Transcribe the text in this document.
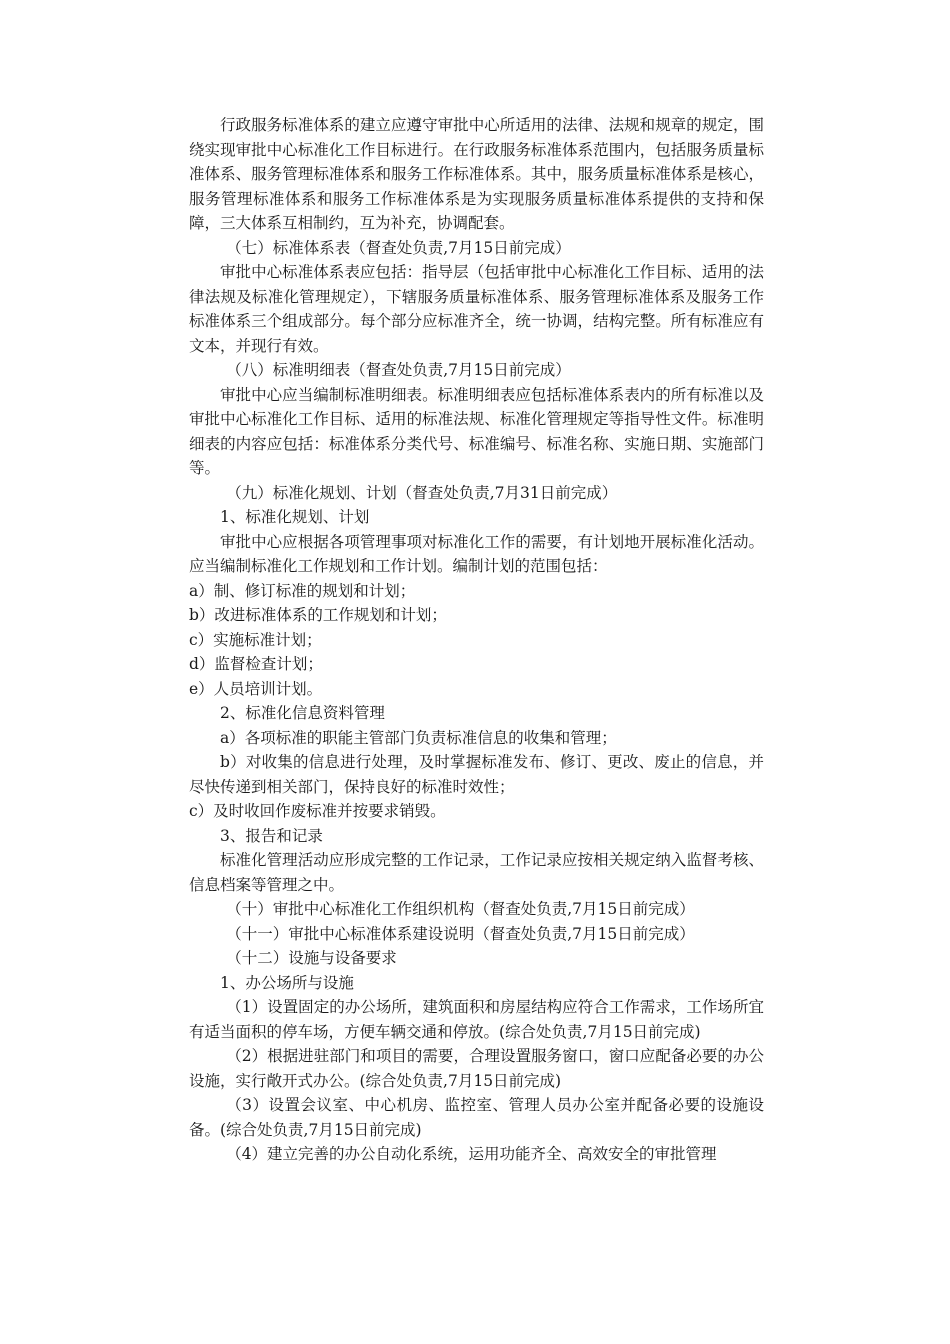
行政服务标准体系的建立应遵守审批中心所适用的法律、法规和规章的规定，围绕实现审批中心标准化工作目标进行。在行政服务标准体系范围内，包括服务质量标准体系、服务管理标准体系和服务工作标准体系。其中，服务质量标准体系是核心，服务管理标准体系和服务工作标准体系是为实现服务质量标准体系提供的支持和保障，三大体系互相制约，互为补充，协调配套。

（七）标准体系表（督查处负责,7月15日前完成）

审批中心标准体系表应包括：指导层（包括审批中心标准化工作目标、适用的法律法规及标准化管理规定），下辖服务质量标准体系、服务管理标准体系及服务工作标准体系三个组成部分。每个部分应标准齐全，统一协调，结构完整。所有标准应有文本，并现行有效。

（八）标准明细表（督查处负责,7月15日前完成）

审批中心应当编制标准明细表。标准明细表应包括标准体系表内的所有标准以及审批中心标准化工作目标、适用的标准法规、标准化管理规定等指导性文件。标准明细表的内容应包括：标准体系分类代号、标准编号、标准名称、实施日期、实施部门等。

（九）标准化规划、计划（督查处负责,7月31日前完成）

1、标准化规划、计划

审批中心应根据各项管理事项对标准化工作的需要，有计划地开展标准化活动。应当编制标准化工作规划和工作计划。编制计划的范围包括：

a）制、修订标准的规划和计划；

b）改进标准体系的工作规划和计划；

c）实施标准计划；

d）监督检查计划；

e）人员培训计划。

2、标准化信息资料管理

a）各项标准的职能主管部门负责标准信息的收集和管理；

b）对收集的信息进行处理，及时掌握标准发布、修订、更改、废止的信息，并尽快传递到相关部门，保持良好的标准时效性；

c）及时收回作废标准并按要求销毁。

3、报告和记录

标准化管理活动应形成完整的工作记录，工作记录应按相关规定纳入监督考核、信息档案等管理之中。

（十）审批中心标准化工作组织机构（督查处负责,7月15日前完成）

（十一）审批中心标准体系建设说明（督查处负责,7月15日前完成）

（十二）设施与设备要求

1、办公场所与设施

（1）设置固定的办公场所，建筑面积和房屋结构应符合工作需求，工作场所宜有适当面积的停车场，方便车辆交通和停放。(综合处负责,7月15日前完成)

（2）根据进驻部门和项目的需要，合理设置服务窗口，窗口应配备必要的办公设施，实行敞开式办公。(综合处负责,7月15日前完成)

（3）设置会议室、中心机房、监控室、管理人员办公室并配备必要的设施设备。(综合处负责,7月15日前完成)

（4）建立完善的办公自动化系统，运用功能齐全、高效安全的审批管理
